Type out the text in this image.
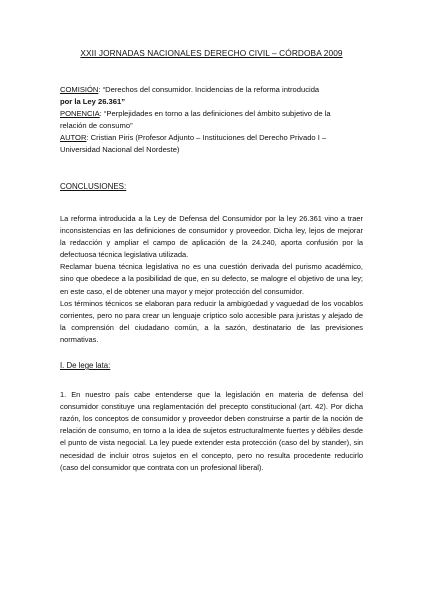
XXII JORNADAS NACIONALES DERECHO CIVIL – CÓRDOBA 2009
COMISIÓN: “Derechos del consumidor. Incidencias de la reforma introducida
por la Ley 26.361”
PONENCIA: “Perplejidades en torno a las definiciones del ámbito subjetivo de la
relación de consumo”
AUTOR: Cristian Piris (Profesor Adjunto – Instituciones del Derecho Privado I –
Universidad Nacional del Nordeste)
CONCLUSIONES:

La reforma introducida a la Ley de Defensa del Consumidor por la ley 26.361 vino a traer inconsistencias en las definiciones de consumidor y proveedor. Dicha ley, lejos de mejorar la redacción y ampliar el campo de aplicación de la 24.240, aporta confusión por la defectuosa técnica legislativa utilizada.

Reclamar buena técnica legislativa no es una cuestión derivada del purismo académico, sino que obedece a la posibilidad de que, en su defecto, se malogre el objetivo de una ley; en este caso, el de obtener una mayor y mejor protección del consumidor.

Los términos técnicos se elaboran para reducir la ambigüedad y vaguedad de los vocablos corrientes, pero no para crear un lenguaje críptico solo accesible para juristas y alejado de la comprensión del ciudadano común, a la sazón, destinatario de las previsiones normativas.

I. De lege lata:

1. En nuestro país cabe entenderse que la legislación en materia de defensa del consumidor constituye una reglamentación del precepto constitucional (art. 42). Por dicha razón, los conceptos de consumidor y proveedor deben construirse a partir de la noción de relación de consumo, en torno a la idea de sujetos estructuralmente fuertes y débiles desde el punto de vista negocial. La ley puede extender esta protección (caso del by stander), sin necesidad de incluir otros sujetos en el concepto, pero no resulta procedente reducirlo (caso del consumidor que contrata con un profesional liberal).
